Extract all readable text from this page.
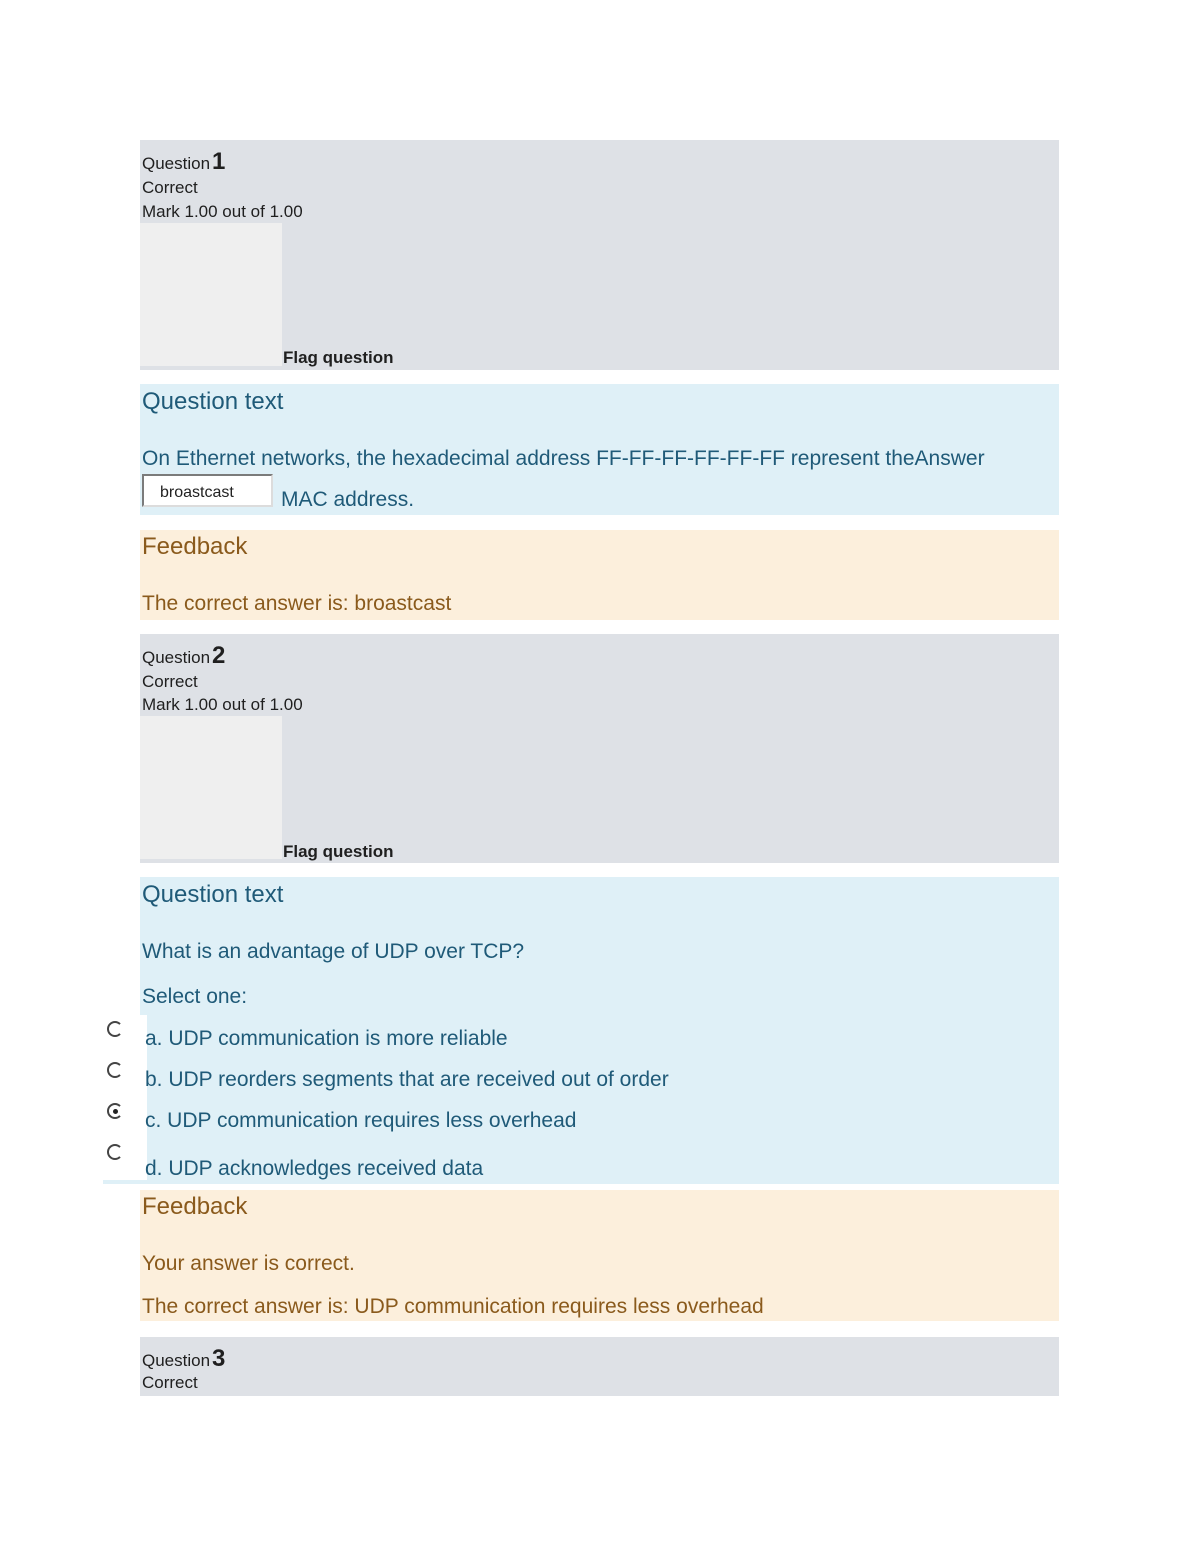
Question1
Correct
Mark 1.00 out of 1.00
Flag question
Question text
On Ethernet networks, the hexadecimal address FF-FF-FF-FF-FF-FF represent theAnswer
broastcast
MAC address.
Feedback
The correct answer is: broastcast
Question2
Correct
Mark 1.00 out of 1.00
Flag question
Question text
What is an advantage of UDP over TCP?
Select one:
a. UDP communication is more reliable
b. UDP reorders segments that are received out of order
c. UDP communication requires less overhead
d. UDP acknowledges received data
Feedback
Your answer is correct.
The correct answer is: UDP communication requires less overhead
Question3
Correct
